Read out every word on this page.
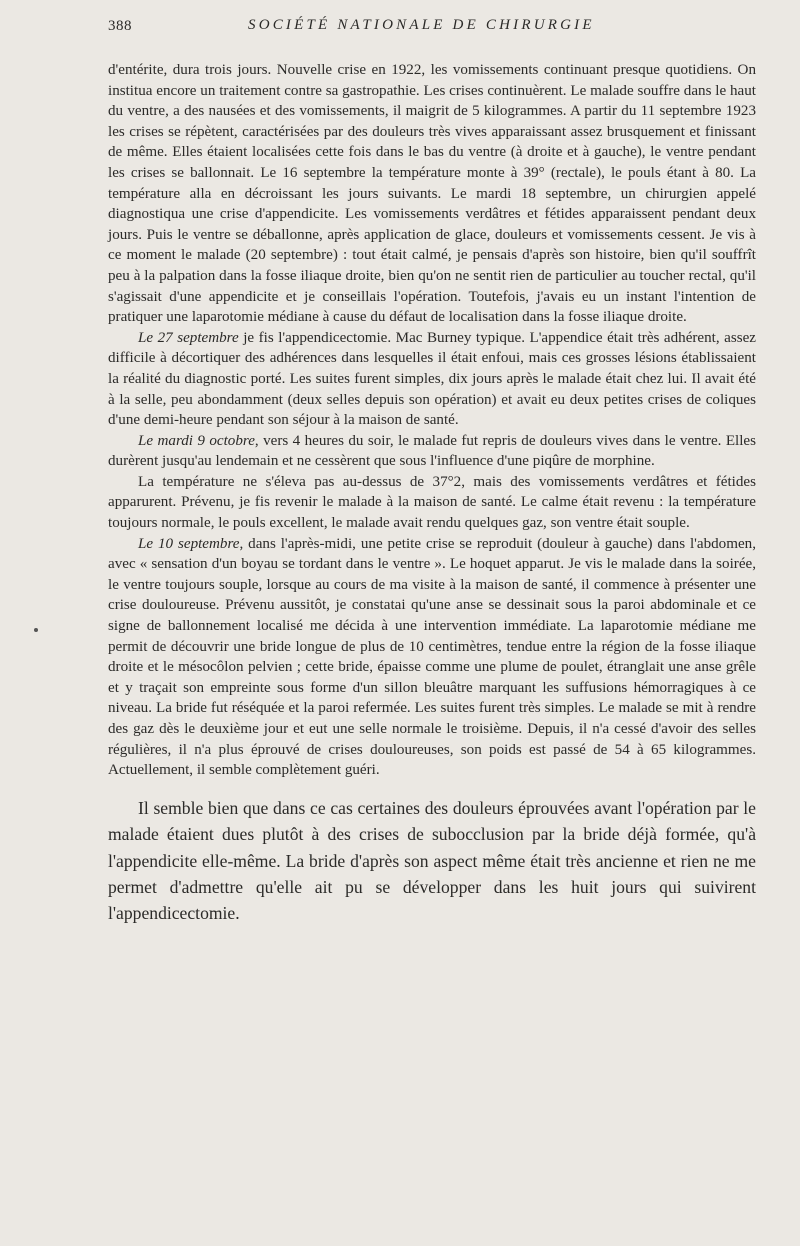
388	SOCIÉTÉ NATIONALE DE CHIRURGIE

d'entérite, dura trois jours. Nouvelle crise en 1922, les vomissements continuant presque quotidiens. On institua encore un traitement contre sa gastropathie. Les crises continuèrent. Le malade souffre dans le haut du ventre, a des nausées et des vomissements, il maigrit de 5 kilogrammes. A partir du 11 septembre 1923 les crises se répètent, caractérisées par des douleurs très vives apparaissant assez brusquement et finissant de même. Elles étaient localisées cette fois dans le bas du ventre (à droite et à gauche), le ventre pendant les crises se ballonnait. Le 16 septembre la température monte à 39° (rectale), le pouls étant à 80. La température alla en décroissant les jours suivants. Le mardi 18 septembre, un chirurgien appelé diagnostiqua une crise d'appendicite. Les vomissements verdâtres et fétides apparaissent pendant deux jours. Puis le ventre se déballonne, après application de glace, douleurs et vomissements cessent. Je vis à ce moment le malade (20 septembre) : tout était calmé, je pensais d'après son histoire, bien qu'il souffrît peu à la palpation dans la fosse iliaque droite, bien qu'on ne sentit rien de particulier au toucher rectal, qu'il s'agissait d'une appendicite et je conseillais l'opération. Toutefois, j'avais eu un instant l'intention de pratiquer une laparotomie médiane à cause du défaut de localisation dans la fosse iliaque droite.

Le 27 septembre je fis l'appendicectomie. Mac Burney typique. L'appendice était très adhérent, assez difficile à décortiquer des adhérences dans lesquelles il était enfoui, mais ces grosses lésions établissaient la réalité du diagnostic porté. Les suites furent simples, dix jours après le malade était chez lui. Il avait été à la selle, peu abondamment (deux selles depuis son opération) et avait eu deux petites crises de coliques d'une demi-heure pendant son séjour à la maison de santé.

Le mardi 9 octobre, vers 4 heures du soir, le malade fut repris de douleurs vives dans le ventre. Elles durèrent jusqu'au lendemain et ne cessèrent que sous l'influence d'une piqûre de morphine.

La température ne s'éleva pas au-dessus de 37°2, mais des vomissements verdâtres et fétides apparurent. Prévenu, je fis revenir le malade à la maison de santé. Le calme était revenu : la température toujours normale, le pouls excellent, le malade avait rendu quelques gaz, son ventre était souple.

Le 10 septembre, dans l'après-midi, une petite crise se reproduit (douleur à gauche) dans l'abdomen, avec « sensation d'un boyau se tordant dans le ventre ». Le hoquet apparut. Je vis le malade dans la soirée, le ventre toujours souple, lorsque au cours de ma visite à la maison de santé, il commence à présenter une crise douloureuse. Prévenu aussitôt, je constatai qu'une anse se dessinait sous la paroi abdominale et ce signe de ballonnement localisé me décida à une intervention immédiate. La laparotomie médiane me permit de découvrir une bride longue de plus de 10 centimètres, tendue entre la région de la fosse iliaque droite et le mésocôlon pelvien ; cette bride, épaisse comme une plume de poulet, étranglait une anse grêle et y traçait son empreinte sous forme d'un sillon bleuâtre marquant les suffusions hémorragiques à ce niveau. La bride fut réséquée et la paroi refermée. Les suites furent très simples. Le malade se mit à rendre des gaz dès le deuxième jour et eut une selle normale le troisième. Depuis, il n'a cessé d'avoir des selles régulières, il n'a plus éprouvé de crises douloureuses, son poids est passé de 54 à 65 kilogrammes. Actuellement, il semble complètement guéri.

Il semble bien que dans ce cas certaines des douleurs éprouvées avant l'opération par le malade étaient dues plutôt à des crises de subocclusion par la bride déjà formée, qu'à l'appendicite elle-même. La bride d'après son aspect même était très ancienne et rien ne me permet d'admettre qu'elle ait pu se développer dans les huit jours qui suivirent l'appendicectomie.
